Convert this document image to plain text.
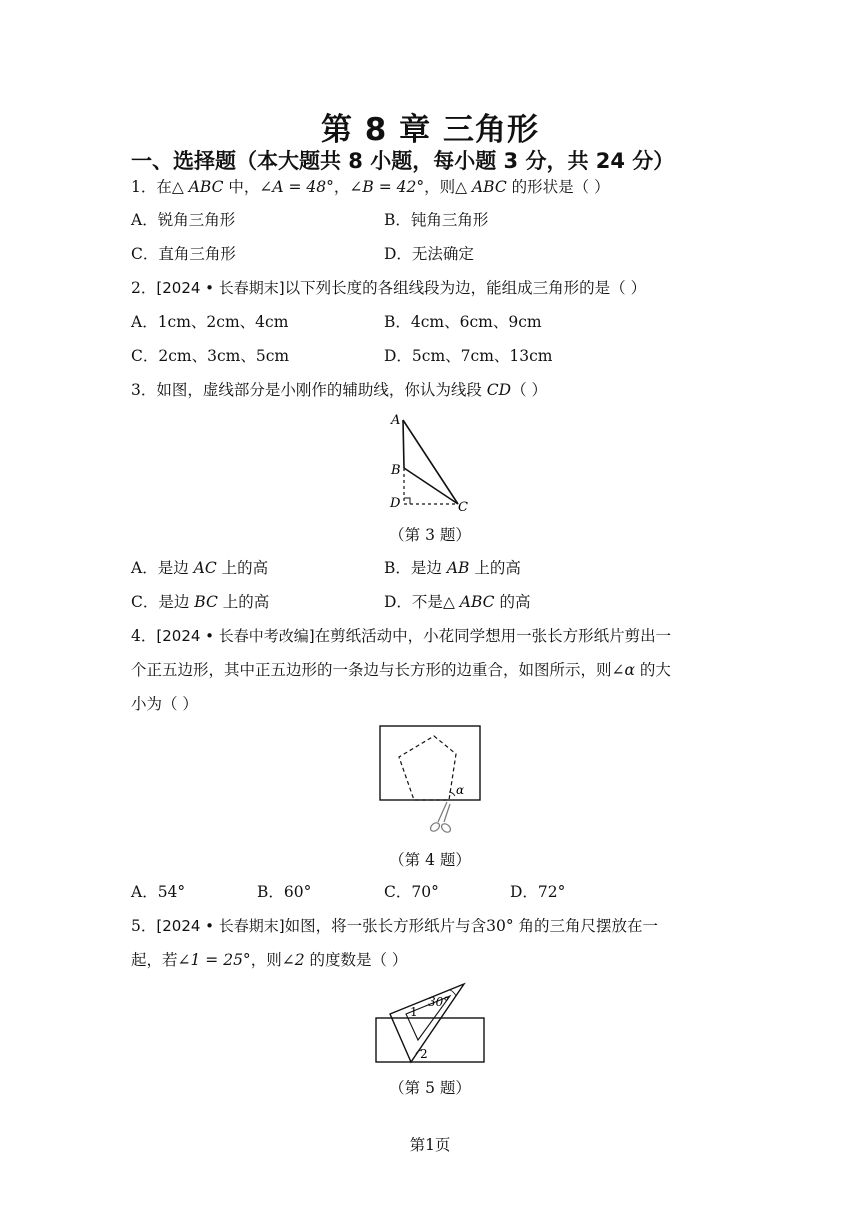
第 8 章 三角形
一、选择题（本大题共 8 小题，每小题 3 分，共 24 分）
1．在△ ABC 中，∠A = 48°，∠B = 42°，则△ ABC 的形状是（ ）
A．锐角三角形	B．钝角三角形
C．直角三角形	D．无法确定
2．[2024 • 长春期末]以下列长度的各组线段为边，能组成三角形的是（ ）
A．1cm、2cm、4cm	B．4cm、6cm、9cm
C．2cm、3cm、5cm	D．5cm、7cm、13cm
3．如图，虚线部分是小刚作的辅助线，你认为线段 CD（ ）
A
B
C
D
（第 3 题）
A．是边 AC 上的高	B．是边 AB 上的高
C．是边 BC 上的高	D．不是△ ABC 的高
4．[2024 • 长春中考改编]在剪纸活动中，小花同学想用一张长方形纸片剪出一
个正五边形，其中正五边形的一条边与长方形的边重合，如图所示，则∠α 的大
小为（ ）
α
（第 4 题）
A．54°	B．60°	C．70°	D．72°
5．[2024 • 长春期末]如图，将一张长方形纸片与含30° 角的三角尺摆放在一
起，若∠1 = 25°，则∠2 的度数是（ ）
30°
1
2
（第 5 题）
第1页
